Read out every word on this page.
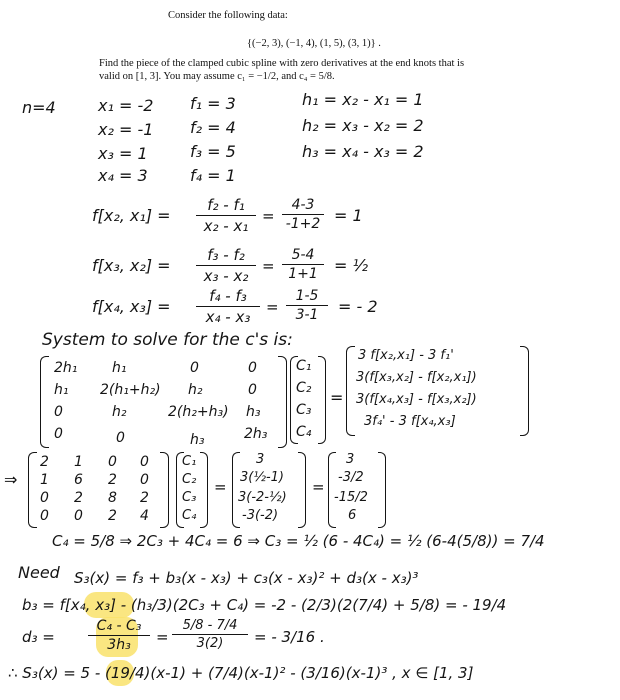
Consider the following data:
{(−2, 3), (−1, 4), (1, 5), (3, 1)} .
Find the piece of the clamped cubic spline with zero derivatives at the end knots that is
valid on [1, 3]. You may assume c₁ = −1/2, and c₄ = 5/8.
n=4	x₁ = -2
x₂ = -1
x₃ = 1
x₄ = 3
f₁ = 3
f₂ = 4
f₃ = 5
f₄ = 1
h₁ = x₂ - x₁ = 1
h₂ = x₃ - x₂ = 2
h₃ = x₄ - x₃ = 2
f[x₂, x₁] =
f₂ - f₁
x₂ - x₁
=
4-3
-1+2 = 1
f[x₃, x₂] =
f₃ - f₂
x₃ - x₂
=
5-4
1+1	= ½
f[x₄, x₃] =
f₄ - f₃
x₄ - x₃
=
1-5
3-1	= - 2
System to solve for the c's is:
2h₁ h₁	0	0
h₁ 2(h₁+h₂) h₂	0
0	h₂	2(h₂+h₃) h₃
0	0	h₃	2h₃
C₁
C₂
C₃
C₄
=
3 f[x₂,x₁] - 3 f₁'
3(f[x₃,x₂] - f[x₂,x₁])
3(f[x₄,x₃] - f[x₃,x₂])
3f₄' - 3 f[x₄,x₃]
⇒
2 1 0 0
1 6 2 0
0 2 8 2
0 0 2 4
C₁
C₂
C₃
C₄
=
3
3(½-1)
3(-2-½)
-3(-2)
=
3
-3/2
-15/2
6
C₄ = 5/8 ⇒ 2C₃ + 4C₄ = 6 ⇒ C₃ = ½ (6 - 4C₄) = ½ (6-4(5/8)) = 7/4
Need S₃(x) = f₃ + b₃(x - x₃) + c₃(x - x₃)² + d₃(x - x₃)³
b₃ = f[x₄, x₃] - (h₃/3)(2C₃ + C₄) = -2 - (2/3)(2(7/4) + 5/8) = - 19/4
d₃ =
C₄ - C₃
3h₃	=
5/8 - 7/4
3(2)	= - 3/16 .
∴ S₃(x) = 5 - (19/4)(x-1) + (7/4)(x-1)² - (3/16)(x-1)³ , x ∈ [1, 3]
